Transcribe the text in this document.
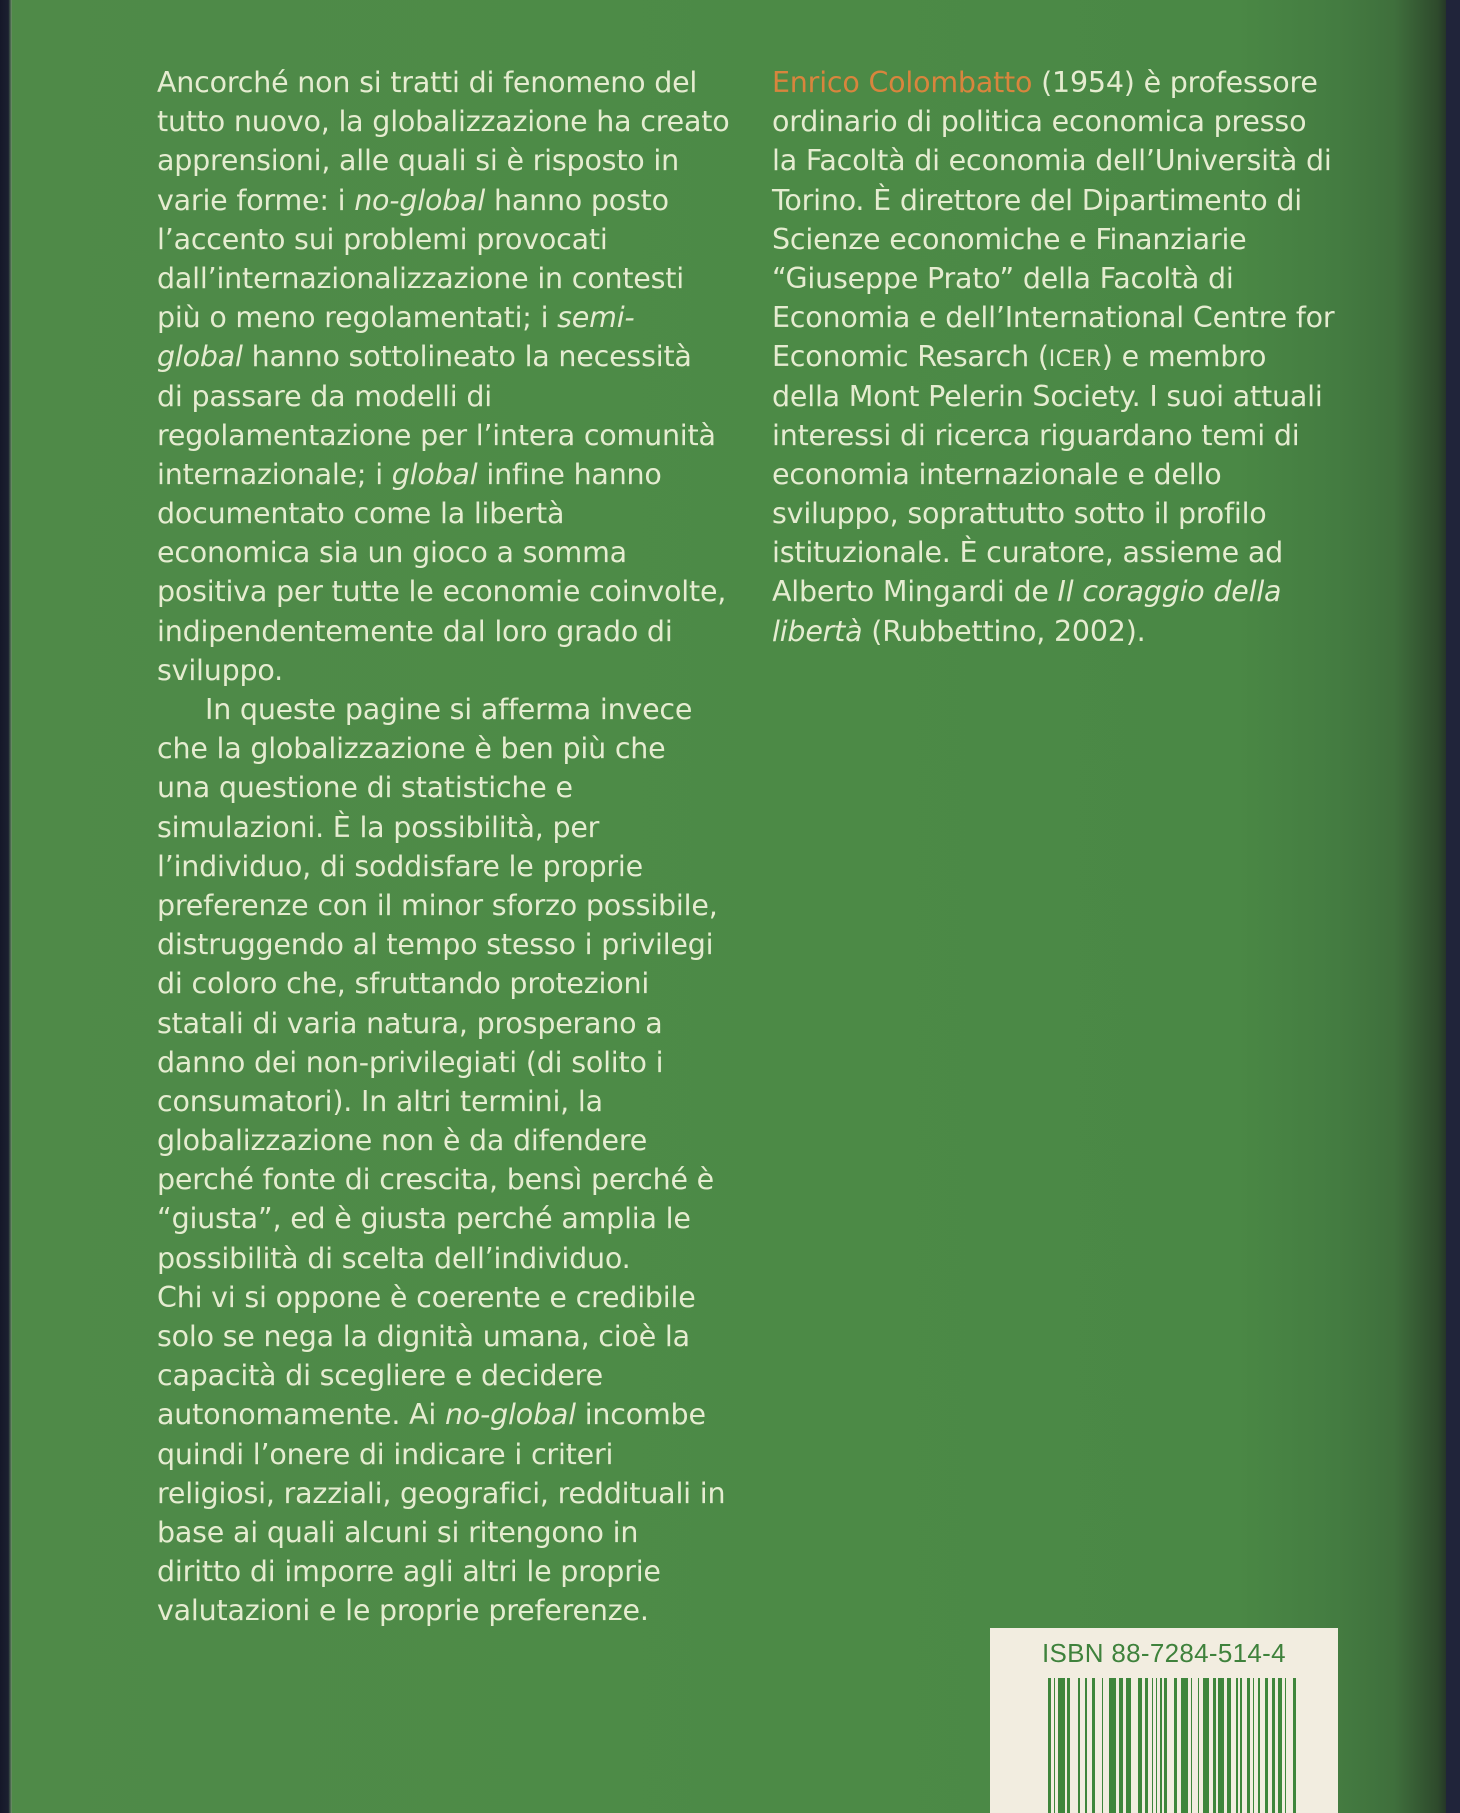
Ancorché non si tratti di fenomeno del
tutto nuovo, la globalizzazione ha creato
apprensioni, alle quali si è risposto in
varie forme: i no-global hanno posto
l’accento sui problemi provocati
dall’internazionalizzazione in contesti
più o meno regolamentati; i semi-
global hanno sottolineato la necessità
di passare da modelli di
regolamentazione per l’intera comunità
internazionale; i global infine hanno
documentato come la libertà
economica sia un gioco a somma
positiva per tutte le economie coinvolte,
indipendentemente dal loro grado di
sviluppo.
In queste pagine si afferma invece
che la globalizzazione è ben più che
una questione di statistiche e
simulazioni. È la possibilità, per
l’individuo, di soddisfare le proprie
preferenze con il minor sforzo possibile,
distruggendo al tempo stesso i privilegi
di coloro che, sfruttando protezioni
statali di varia natura, prosperano a
danno dei non-privilegiati (di solito i
consumatori). In altri termini, la
globalizzazione non è da difendere
perché fonte di crescita, bensì perché è
“giusta”, ed è giusta perché amplia le
possibilità di scelta dell’individuo.
Chi vi si oppone è coerente e credibile
solo se nega la dignità umana, cioè la
capacità di scegliere e decidere
autonomamente. Ai no-global incombe
quindi l’onere di indicare i criteri
religiosi, razziali, geografici, reddituali in
base ai quali alcuni si ritengono in
diritto di imporre agli altri le proprie
valutazioni e le proprie preferenze.
Enrico Colombatto (1954) è professore
ordinario di politica economica presso
la Facoltà di economia dell’Università di
Torino. È direttore del Dipartimento di
Scienze economiche e Finanziarie
“Giuseppe Prato” della Facoltà di
Economia e dell’International Centre for
Economic Resarch (ICER) e membro
della Mont Pelerin Society. I suoi attuali
interessi di ricerca riguardano temi di
economia internazionale e dello
sviluppo, soprattutto sotto il profilo
istituzionale. È curatore, assieme ad
Alberto Mingardi de Il coraggio della
libertà (Rubbettino, 2002).
ISBN 88-7284-514-4
